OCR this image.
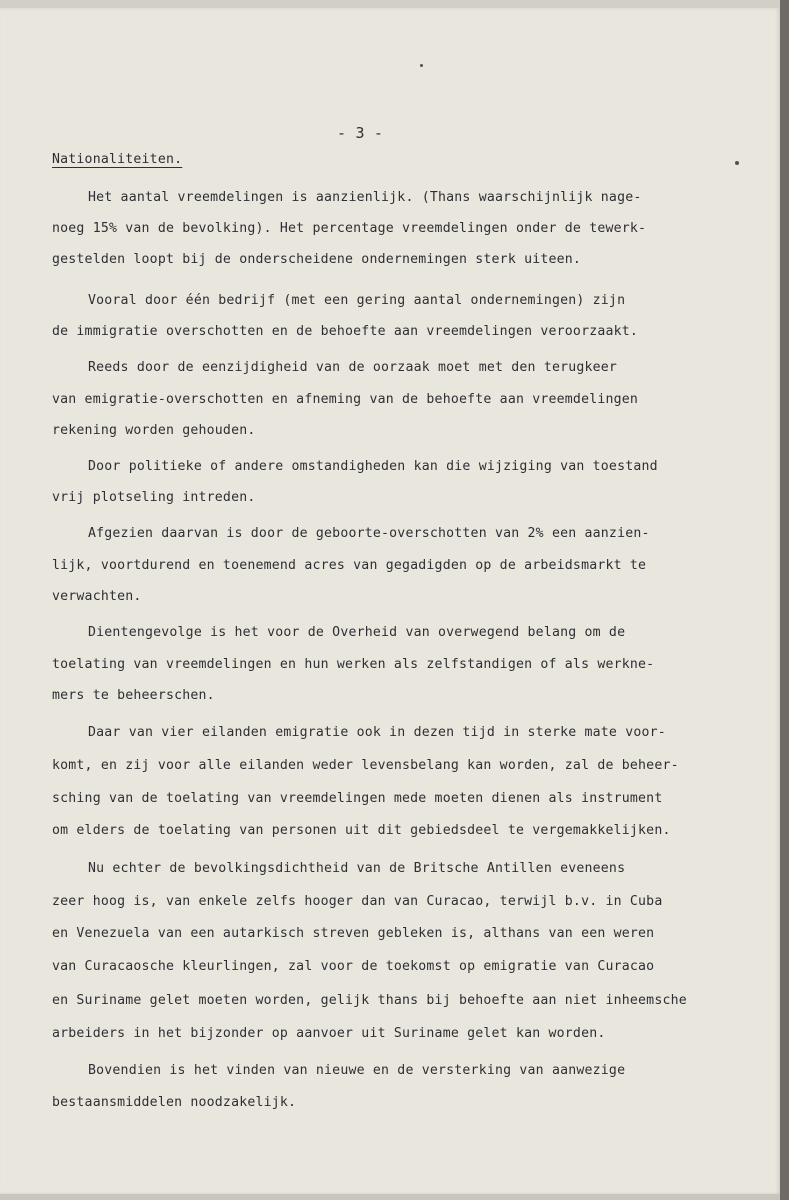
- 3 -
Nationaliteiten.
Het aantal vreemdelingen is aanzienlijk. (Thans waarschijnlijk nage-
noeg 15% van de bevolking). Het percentage vreemdelingen onder de tewerk-
gestelden loopt bij de onderscheidene ondernemingen sterk uiteen.
Vooral door één bedrijf (met een gering aantal ondernemingen) zijn
de immigratie overschotten en de behoefte aan vreemdelingen veroorzaakt.
Reeds door de eenzijdigheid van de oorzaak moet met den terugkeer
van emigratie-overschotten en afneming van de behoefte aan vreemdelingen
rekening worden gehouden.
Door politieke of andere omstandigheden kan die wijziging van toestand
vrij plotseling intreden.
Afgezien daarvan is door de geboorte-overschotten van 2% een aanzien-
lijk, voortdurend en toenemend acres van gegadigden op de arbeidsmarkt te
verwachten.
Dientengevolge is het voor de Overheid van overwegend belang om de
toelating van vreemdelingen en hun werken als zelfstandigen of als werkne-
mers te beheerschen.
Daar van vier eilanden emigratie ook in dezen tijd in sterke mate voor-
komt, en zij voor alle eilanden weder levensbelang kan worden, zal de beheer-
sching van de toelating van vreemdelingen mede moeten dienen als instrument
om elders de toelating van personen uit dit gebiedsdeel te vergemakkelijken.
Nu echter de bevolkingsdichtheid van de Britsche Antillen eveneens
zeer hoog is, van enkele zelfs hooger dan van Curacao, terwijl b.v. in Cuba
en Venezuela van een autarkisch streven gebleken is, althans van een weren
van Curacaosche kleurlingen, zal voor de toekomst op emigratie van Curacao
en Suriname gelet moeten worden, gelijk thans bij behoefte aan niet inheemsche
arbeiders in het bijzonder op aanvoer uit Suriname gelet kan worden.
Bovendien is het vinden van nieuwe en de versterking van aanwezige
bestaansmiddelen noodzakelijk.
